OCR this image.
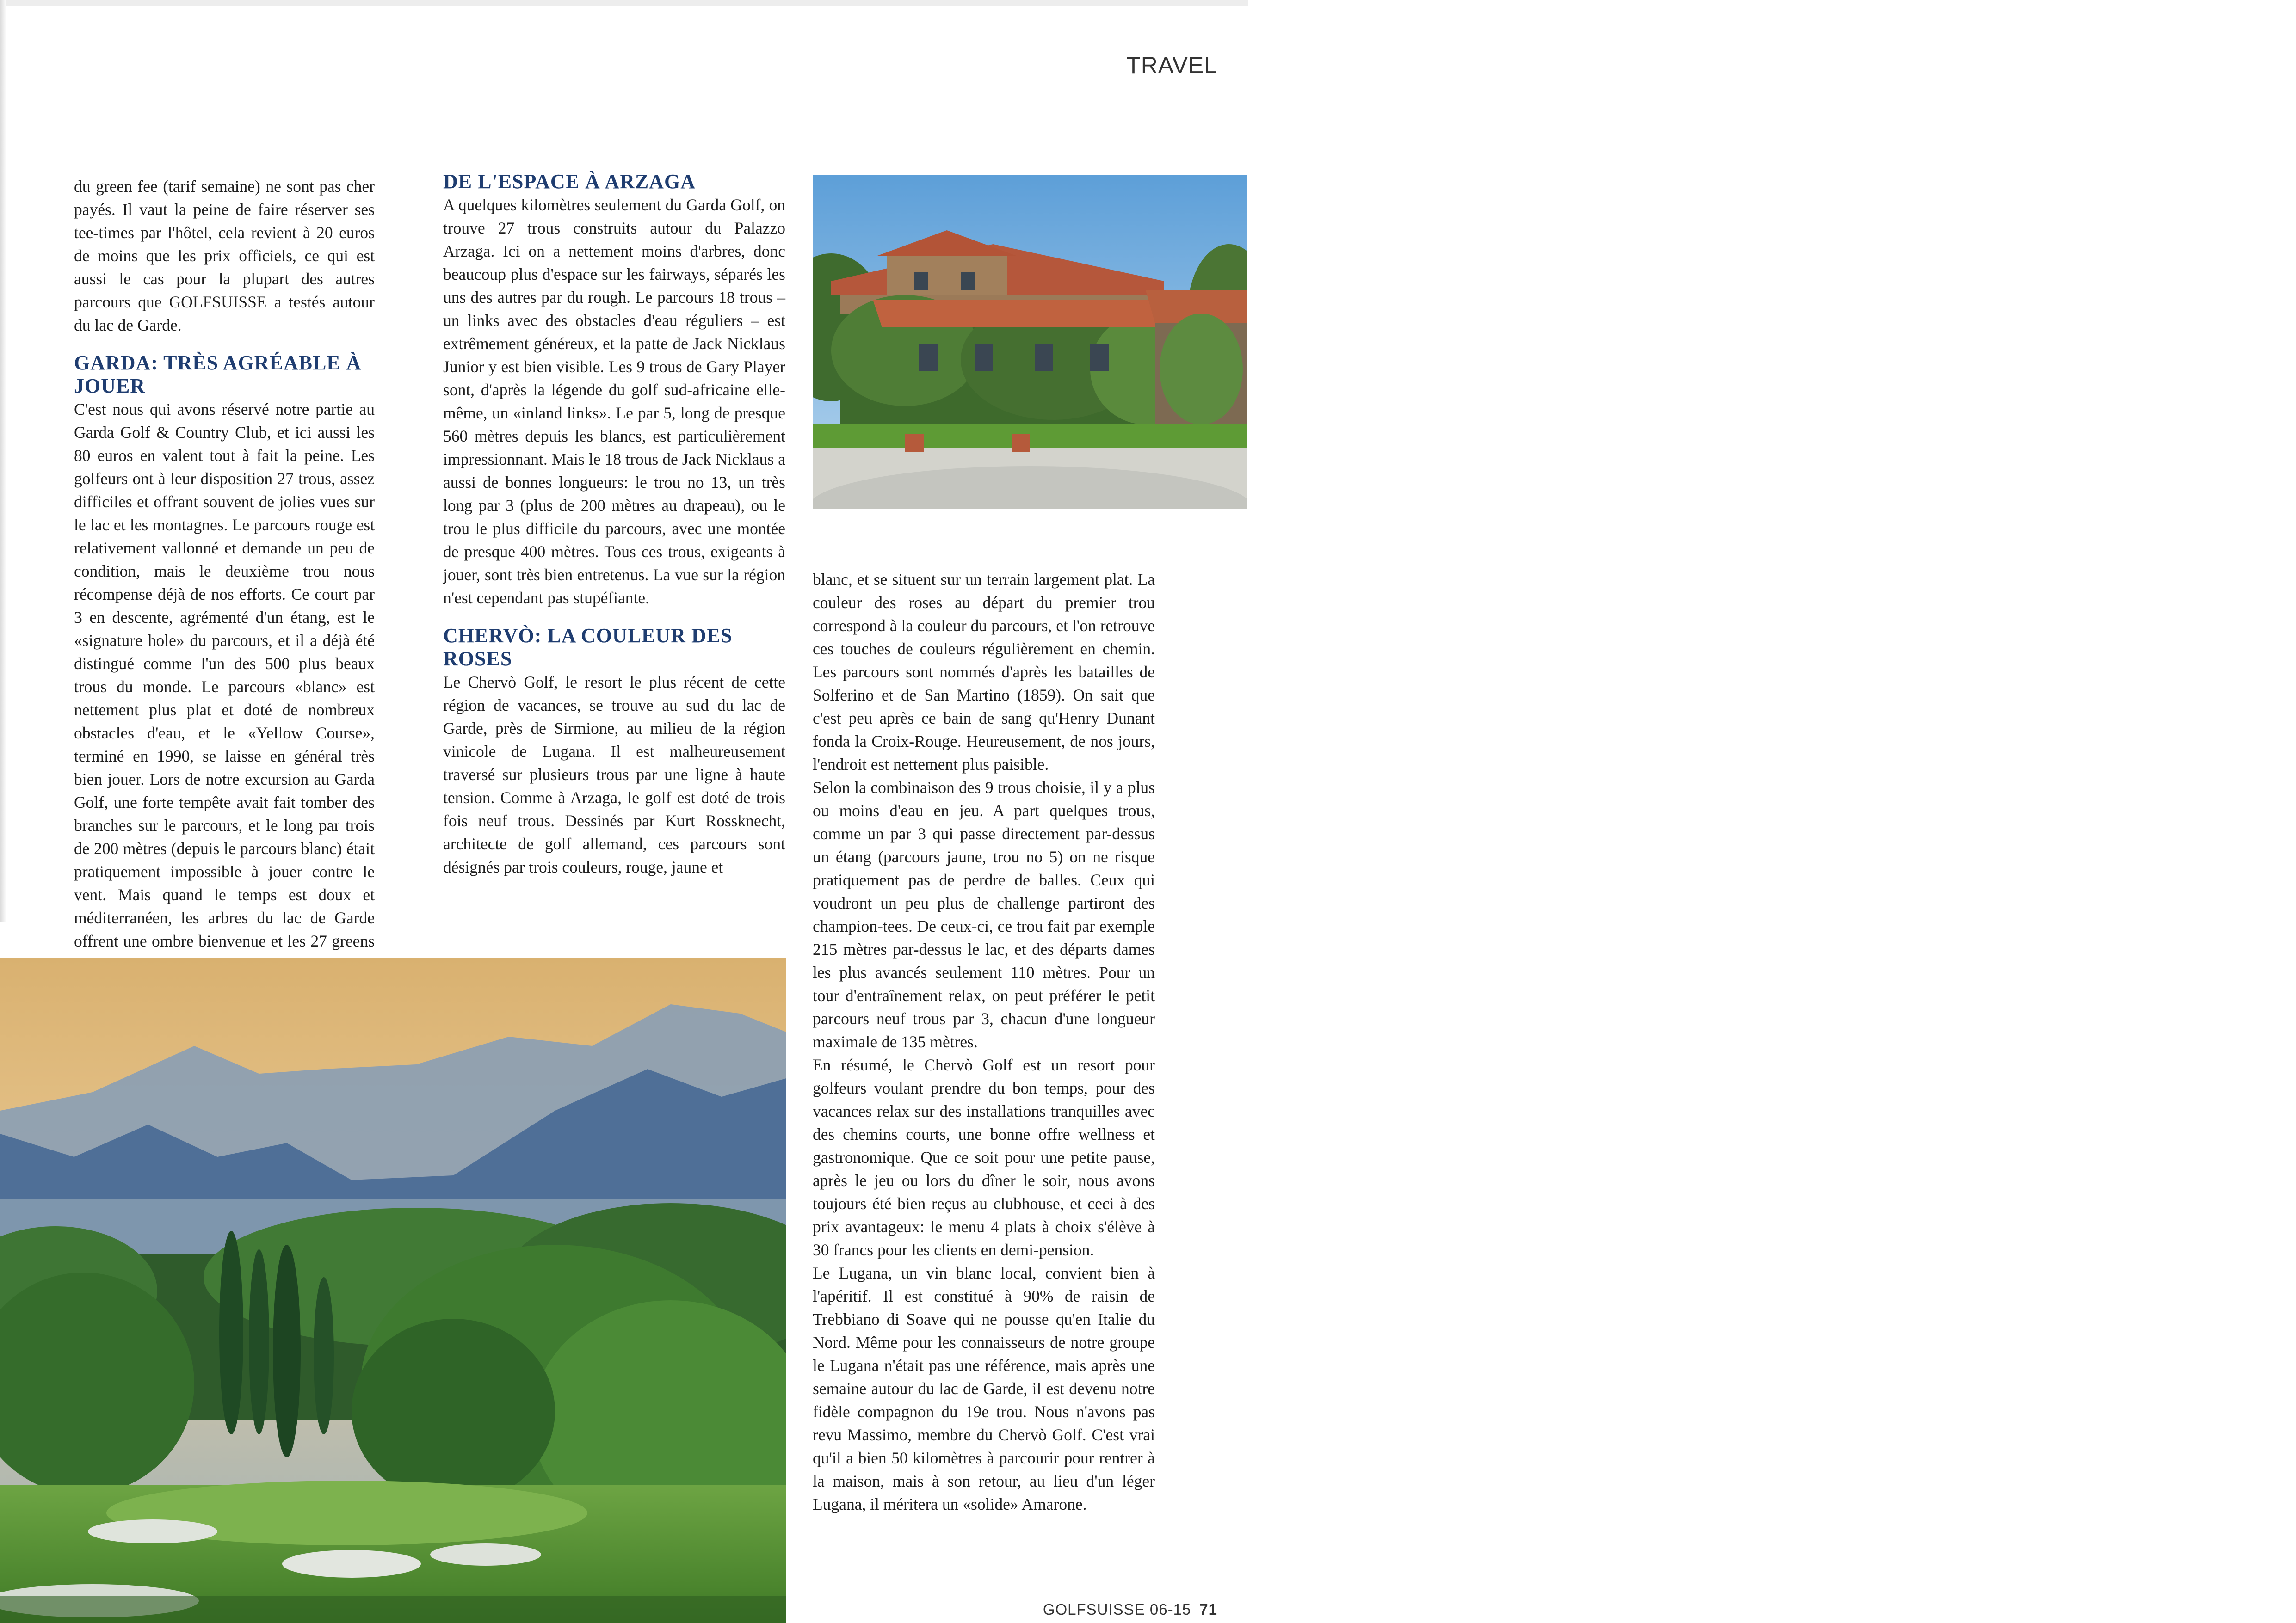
TRAVEL

du green fee (tarif semaine) ne sont pas cher payés. Il vaut la peine de faire réserver ses tee-times par l'hôtel, cela revient à 20 euros de moins que les prix officiels, ce qui est aussi le cas pour la plupart des autres parcours que GOLFSUISSE a testés autour du lac de Garde.

GARDA: TRÈS AGRÉABLE À JOUER

C'est nous qui avons réservé notre partie au Garda Golf & Country Club, et ici aussi les 80 euros en valent tout à fait la peine. Les golfeurs ont à leur disposition 27 trous, assez difficiles et offrant souvent de jolies vues sur le lac et les montagnes. Le parcours rouge est relativement vallonné et demande un peu de condition, mais le deuxième trou nous récompense déjà de nos efforts. Ce court par 3 en descente, agrémenté d'un étang, est le «signature hole» du parcours, et il a déjà été distingué comme l'un des 500 plus beaux trous du monde. Le parcours «blanc» est nettement plus plat et doté de nombreux obstacles d'eau, et le «Yellow Course», terminé en 1990, se laisse en général très bien jouer. Lors de notre excursion au Garda Golf, une forte tempête avait fait tomber des branches sur le parcours, et le long par trois de 200 mètres (depuis le parcours blanc) était pratiquement impossible à jouer contre le vent. Mais quand le temps est doux et méditerranéen, les arbres du lac de Garde offrent une ombre bienvenue et les 27 greens

DE L'ESPACE À ARZAGA

A quelques kilomètres seulement du Garda Golf, on trouve 27 trous construits autour du Palazzo Arzaga. Ici on a nettement moins d'arbres, donc beaucoup plus d'espace sur les fairways, séparés les uns des autres par du rough. Le parcours 18 trous – un links avec des obstacles d'eau réguliers – est extrêmement généreux, et la patte de Jack Nicklaus Junior y est bien visible. Les 9 trous de Gary Player sont, d'après la légende du golf sud-africaine elle-même, un «inland links». Le par 5, long de presque 560 mètres depuis les blancs, est particulièrement impressionnant. Mais le 18 trous de Jack Nicklaus a aussi de bonnes longueurs: le trou no 13, un très long par 3 (plus de 200 mètres au drapeau), ou le trou le plus difficile du parcours, avec une montée de presque 400 mètres. Tous ces trous, exigeants à jouer, sont très bien entretenus. La vue sur la région n'est cependant pas stupéfiante.

CHERVÒ: LA COULEUR DES ROSES

Le Chervò Golf, le resort le plus récent de cette région de vacances, se trouve au sud du lac de Garde, près de Sirmione, au milieu de la région vinicole de Lugana. Il est malheureusement traversé sur plusieurs trous par une ligne à haute tension. Comme à Arzaga, le golf est doté de trois fois neuf trous. Dessinés par Kurt Rossknecht, architecte de golf allemand, ces parcours sont désignés par trois couleurs, rouge, jaune et

blanc, et se situent sur un terrain largement plat. La couleur des roses au départ du premier trou correspond à la couleur du parcours, et l'on retrouve ces touches de couleurs régulièrement en chemin. Les parcours sont nommés d'après les batailles de Solferino et de San Martino (1859). On sait que c'est peu après ce bain de sang qu'Henry Dunant fonda la Croix-Rouge. Heureusement, de nos jours, l'endroit est nettement plus paisible.

Selon la combinaison des 9 trous choisie, il y a plus ou moins d'eau en jeu. A part quelques trous, comme un par 3 qui passe directement par-dessus un étang (parcours jaune, trou no 5) on ne risque pratiquement pas de perdre de balles. Ceux qui voudront un peu plus de challenge partiront des champion-tees. De ceux-ci, ce trou fait par exemple 215 mètres par-dessus le lac, et des départs dames les plus avancés seulement 110 mètres. Pour un tour d'entraînement relax, on peut préférer le petit parcours neuf trous par 3, chacun d'une longueur maximale de 135 mètres.

En résumé, le Chervò Golf est un resort pour golfeurs voulant prendre du bon temps, pour des vacances relax sur des installations tranquilles avec des chemins courts, une bonne offre wellness et gastronomique. Que ce soit pour une petite pause, après le jeu ou lors du dîner le soir, nous avons toujours été bien reçus au clubhouse, et ceci à des prix avantageux: le menu 4 plats à choix s'élève à 30 francs pour les clients en demi-pension.

Le Lugana, un vin blanc local, convient bien à l'apéritif. Il est constitué à 90% de raisin de Trebbiano di Soave qui ne pousse qu'en Italie du Nord. Même pour les connaisseurs de notre groupe le Lugana n'était pas une référence, mais après une semaine autour du lac de Garde, il est devenu notre fidèle compagnon du 19e trou. Nous n'avons pas revu Massimo, membre du Chervò Golf. C'est vrai qu'il a bien 50 kilomètres à parcourir pour rentrer à la maison, mais à son retour, au lieu d'un léger Lugana, il méritera un «solide» Amarone.

GOLFSUISSE 06-15 71
